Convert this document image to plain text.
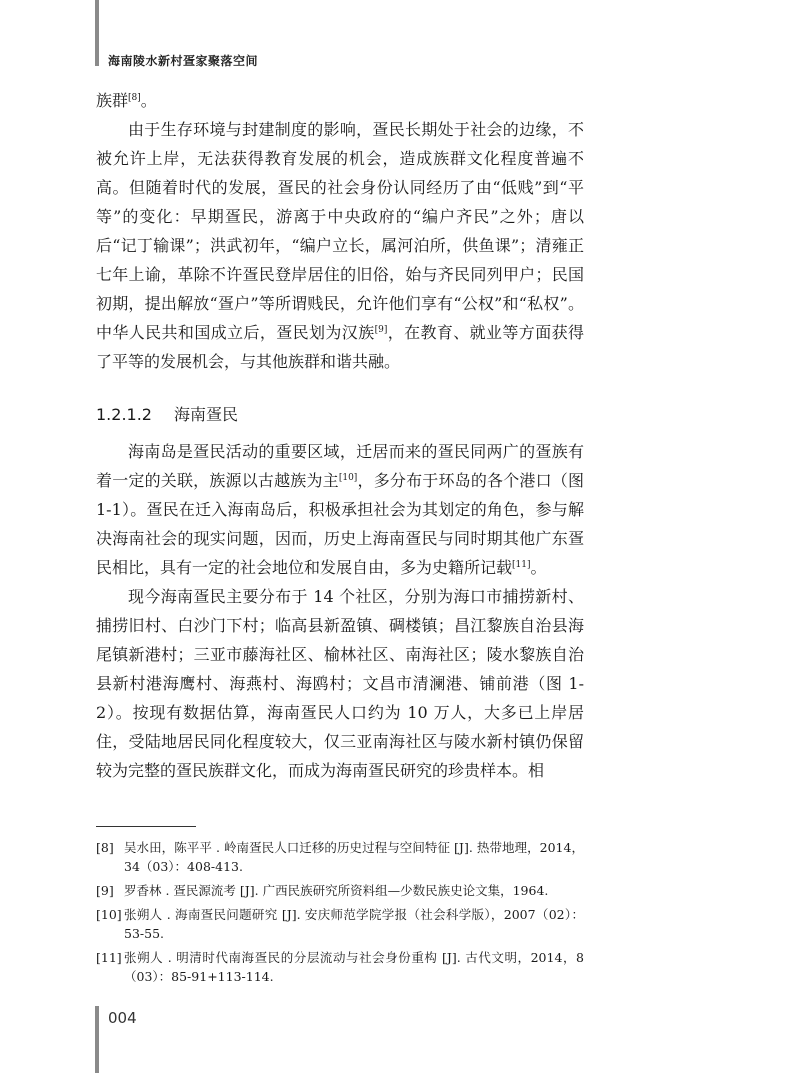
海南陵水新村疍家聚落空间

族群[8]。

由于生存环境与封建制度的影响，疍民长期处于社会的边缘，不被允许上岸，无法获得教育发展的机会，造成族群文化程度普遍不高。但随着时代的发展，疍民的社会身份认同经历了由“低贱”到“平等”的变化：早期疍民，游离于中央政府的“编户齐民”之外；唐以后“记丁输课”；洪武初年，“编户立长，属河泊所，供鱼课”；清雍正七年上谕，革除不许疍民登岸居住的旧俗，始与齐民同列甲户；民国初期，提出解放“疍户”等所谓贱民，允许他们享有“公权”和“私权”。中华人民共和国成立后，疍民划为汉族[9]，在教育、就业等方面获得了平等的发展机会，与其他族群和谐共融。

1.2.1.2 海南疍民

海南岛是疍民活动的重要区域，迁居而来的疍民同两广的疍族有着一定的关联，族源以古越族为主[10]，多分布于环岛的各个港口（图 1-1）。疍民在迁入海南岛后，积极承担社会为其划定的角色，参与解决海南社会的现实问题，因而，历史上海南疍民与同时期其他广东疍民相比，具有一定的社会地位和发展自由，多为史籍所记载[11]。

现今海南疍民主要分布于 14 个社区，分别为海口市捕捞新村、捕捞旧村、白沙门下村；临高县新盈镇、碉楼镇；昌江黎族自治县海尾镇新港村；三亚市藤海社区、榆林社区、南海社区；陵水黎族自治县新村港海鹰村、海燕村、海鸥村；文昌市清澜港、铺前港（图 1-2）。按现有数据估算，海南疍民人口约为 10 万人，大多已上岸居住，受陆地居民同化程度较大，仅三亚南海社区与陵水新村镇仍保留较为完整的疍民族群文化，而成为海南疍民研究的珍贵样本。相

[8] 吴水田，陈平平 . 岭南疍民人口迁移的历史过程与空间特征 [J]. 热带地理，2014，34（03）：408-413.
[9] 罗香林 . 疍民源流考 [J]. 广西民族研究所资料组—少数民族史论文集，1964.
[10] 张朔人 . 海南疍民问题研究 [J]. 安庆师范学院学报（社会科学版），2007（02）：53-55.
[11] 张朔人 . 明清时代南海疍民的分层流动与社会身份重构 [J]. 古代文明，2014，8（03）：85-91+113-114.
004
